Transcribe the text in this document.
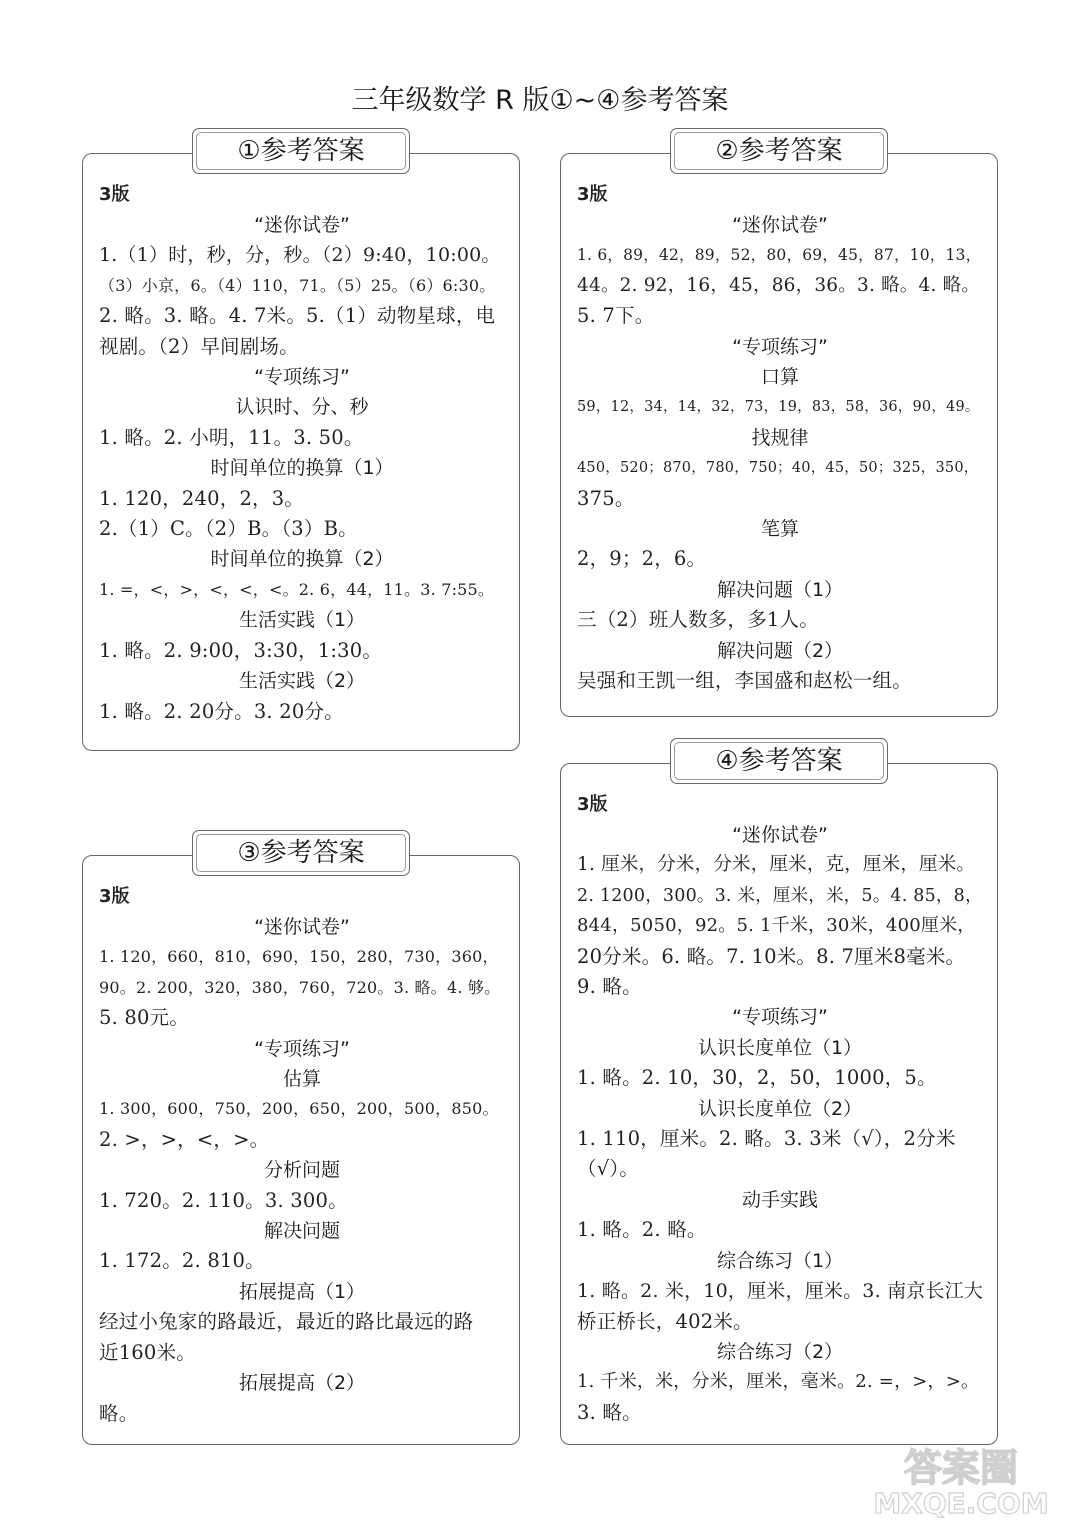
三年级数学 R 版①~④参考答案
①参考答案
3版
“迷你试卷”
1.（1）时，秒，分，秒。（2）9:40，10:00。
（3）小京，6。（4）110，71。（5）25。（6）6:30。
2. 略。3. 略。4. 7米。5.（1）动物星球，电
视剧。（2）早间剧场。
“专项练习”
认识时、分、秒
1. 略。2. 小明，11。3. 50。
时间单位的换算（1）
1. 120，240，2，3。
2.（1）C。（2）B。（3）B。
时间单位的换算（2）
1. =，<，>，<，<，<。2. 6，44，11。3. 7:55。
生活实践（1）
1. 略。2. 9:00，3:30，1:30。
生活实践（2）
1. 略。2. 20分。3. 20分。
②参考答案
3版
“迷你试卷”
1. 6，89，42，89，52，80，69，45，87，10，13，
44。2. 92，16，45，86，36。3. 略。4. 略。
5. 7下。
“专项练习”
口算
59，12，34，14，32，73，19，83，58，36，90，49。
找规律
450，520；870，780，750；40，45，50；325，350，
375。
笔算
2，9；2，6。
解决问题（1）
三（2）班人数多，多1人。
解决问题（2）
吴强和王凯一组，李国盛和赵松一组。
③参考答案
3版
“迷你试卷”
1. 120，660，810，690，150，280，730，360，
90。2. 200，320，380，760，720。3. 略。4. 够。
5. 80元。
“专项练习”
估算
1. 300，600，750，200，650，200，500，850。
2. >，>，<，>。
分析问题
1. 720。2. 110。3. 300。
解决问题
1. 172。2. 810。
拓展提高（1）
经过小兔家的路最近，最近的路比最远的路
近160米。
拓展提高（2）
略。
④参考答案
3版
“迷你试卷”
1. 厘米，分米，分米，厘米，克，厘米，厘米。
2. 1200，300。3. 米，厘米，米，5。4. 85，8，
844，5050，92。5. 1千米，30米，400厘米，
20分米。6. 略。7. 10米。8. 7厘米8毫米。
9. 略。
“专项练习”
认识长度单位（1）
1. 略。2. 10，30，2，50，1000，5。
认识长度单位（2）
1. 110，厘米。2. 略。3. 3米（√），2分米
（√）。
动手实践
1. 略。2. 略。
综合练习（1）
1. 略。2. 米，10，厘米，厘米。3. 南京长江大
桥正桥长，402米。
综合练习（2）
1. 千米，米，分米，厘米，毫米。2. =，>，>。
3. 略。
答案圈
MXQE.COM
